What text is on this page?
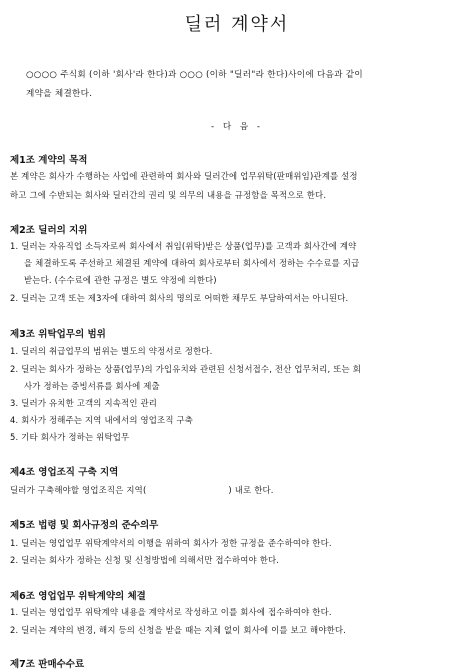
딜러 계약서
○○○○ 주식회 (이하 '회사'라 한다)과 ○○○ (이하 "딜러"라 한다)사이에 다음과 같이
계약을 체결한다.
- 다 음 -
제1조 계약의 목적
본 계약은 회사가 수행하는 사업에 관련하여 회사와 딜러간에 업무위탁(판매위임)관계를 설정
하고 그에 수반되는 회사와 딜러간의 권리 및 의무의 내용을 규정함을 목적으로 한다.
제2조 딜러의 지위
1. 딜러는 자유직업 소득자로써 회사에서 취임(위탁)받은 상품(업무)를 고객과 회사간에 계약
을 체결하도록 주선하고 체결된 계약에 대하여 회사로부터 회사에서 정하는 수수료를 지급
받는다. (수수료에 관한 규정은 별도 약정에 의한다)
2. 딜러는 고객 또는 제3자에 대하여 회사의 명의로 어떠한 채무도 부담하여서는 아니된다.
제3조 위탁업무의 범위
1. 딜러의 취급업무의 범위는 별도의 약정서로 정한다.
2. 딜러는 회사가 정하는 상품(업무)의 가입유치와 관련된 신청서접수, 전산 업무처리, 또는 회
사가 정하는 증빙서류를 회사에 제출
3. 딜러가 유치한 고객의 지속적인 관리
4. 회사가 정해주는 지역 내에서의 영업조직 구축
5. 기타 회사가 정하는 위탁업무
제4조 영업조직 구축 지역
딜러가 구축해야할 영업조직은 지역(	) 내로 한다.
제5조 법령 및 회사규정의 준수의무
1. 딜러는 영업업무 위탁계약서의 이행을 위하여 회사가 정한 규정을 준수하여야 한다.
2. 딜러는 회사가 정하는 신청 및 신청방법에 의해서만 접수하여야 한다.
제6조 영업업무 위탁계약의 체결
1. 딜러는 영업업무 위탁계약 내용을 계약서로 작성하고 이를 회사에 접수하여야 한다.
2. 딜러는 계약의 변경, 해지 등의 신청을 받을 때는 지체 없이 회사에 이를 보고 해야한다.
제7조 판매수수료
